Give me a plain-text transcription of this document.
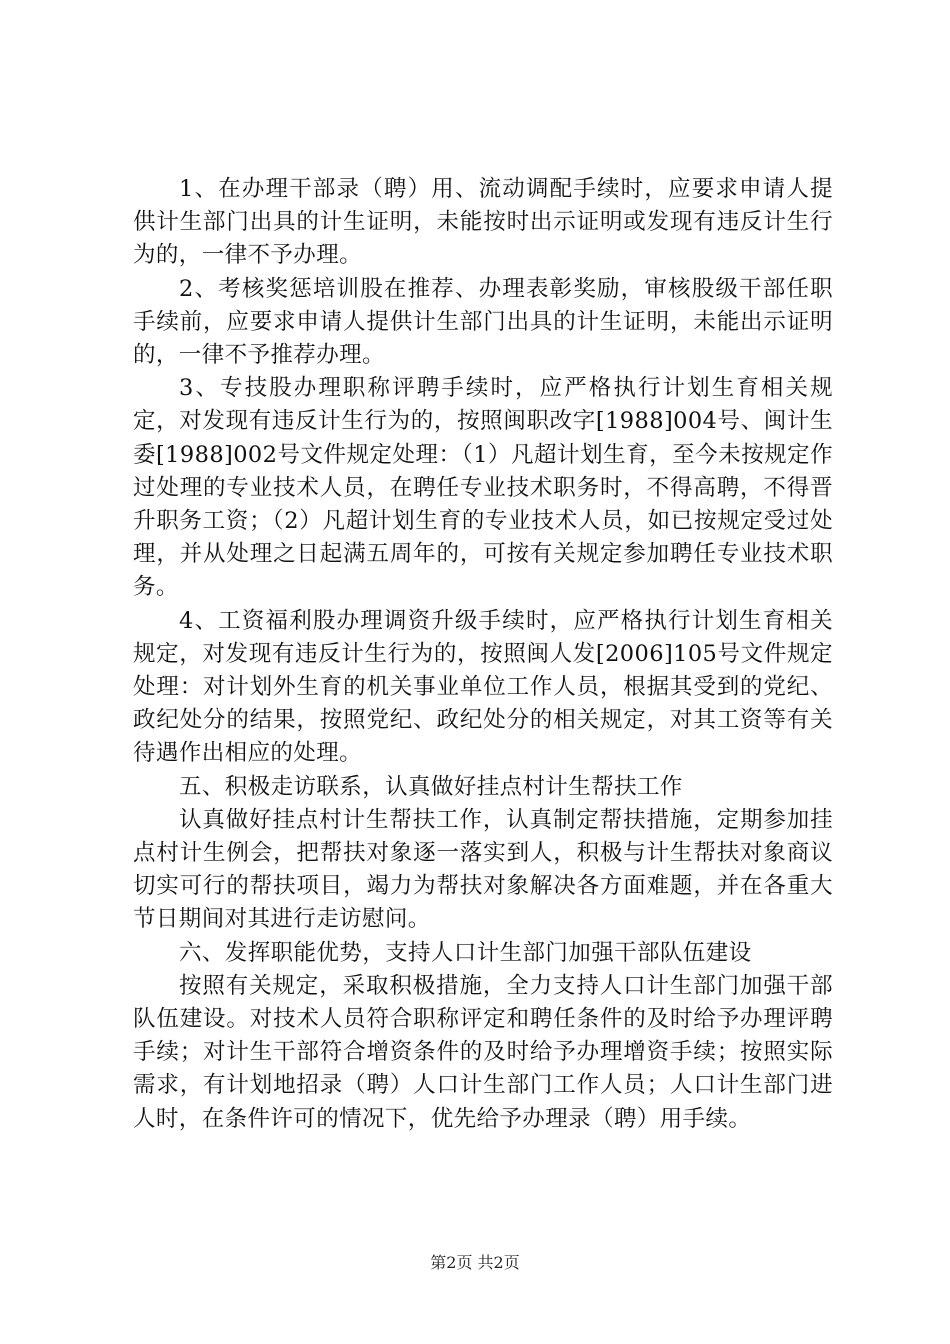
1、在办理干部录（聘）用、流动调配手续时，应要求申请人提供计生部门出具的计生证明，未能按时出示证明或发现有违反计生行为的，一律不予办理。

2、考核奖惩培训股在推荐、办理表彰奖励，审核股级干部任职手续前，应要求申请人提供计生部门出具的计生证明，未能出示证明的，一律不予推荐办理。

3、专技股办理职称评聘手续时，应严格执行计划生育相关规定，对发现有违反计生行为的，按照闽职改字[1988]004号、闽计生委[1988]002号文件规定处理：（1）凡超计划生育，至今未按规定作过处理的专业技术人员，在聘任专业技术职务时，不得高聘，不得晋升职务工资；（2）凡超计划生育的专业技术人员，如已按规定受过处理，并从处理之日起满五周年的，可按有关规定参加聘任专业技术职务。

4、工资福利股办理调资升级手续时，应严格执行计划生育相关规定，对发现有违反计生行为的，按照闽人发[2006]105号文件规定处理：对计划外生育的机关事业单位工作人员，根据其受到的党纪、政纪处分的结果，按照党纪、政纪处分的相关规定，对其工资等有关待遇作出相应的处理。

五、积极走访联系，认真做好挂点村计生帮扶工作

认真做好挂点村计生帮扶工作，认真制定帮扶措施，定期参加挂点村计生例会，把帮扶对象逐一落实到人，积极与计生帮扶对象商议切实可行的帮扶项目，竭力为帮扶对象解决各方面难题，并在各重大节日期间对其进行走访慰问。

六、发挥职能优势，支持人口计生部门加强干部队伍建设

按照有关规定，采取积极措施，全力支持人口计生部门加强干部队伍建设。对技术人员符合职称评定和聘任条件的及时给予办理评聘手续；对计生干部符合增资条件的及时给予办理增资手续；按照实际需求，有计划地招录（聘）人口计生部门工作人员；人口计生部门进人时，在条件许可的情况下，优先给予办理录（聘）用手续。

第2页 共2页
